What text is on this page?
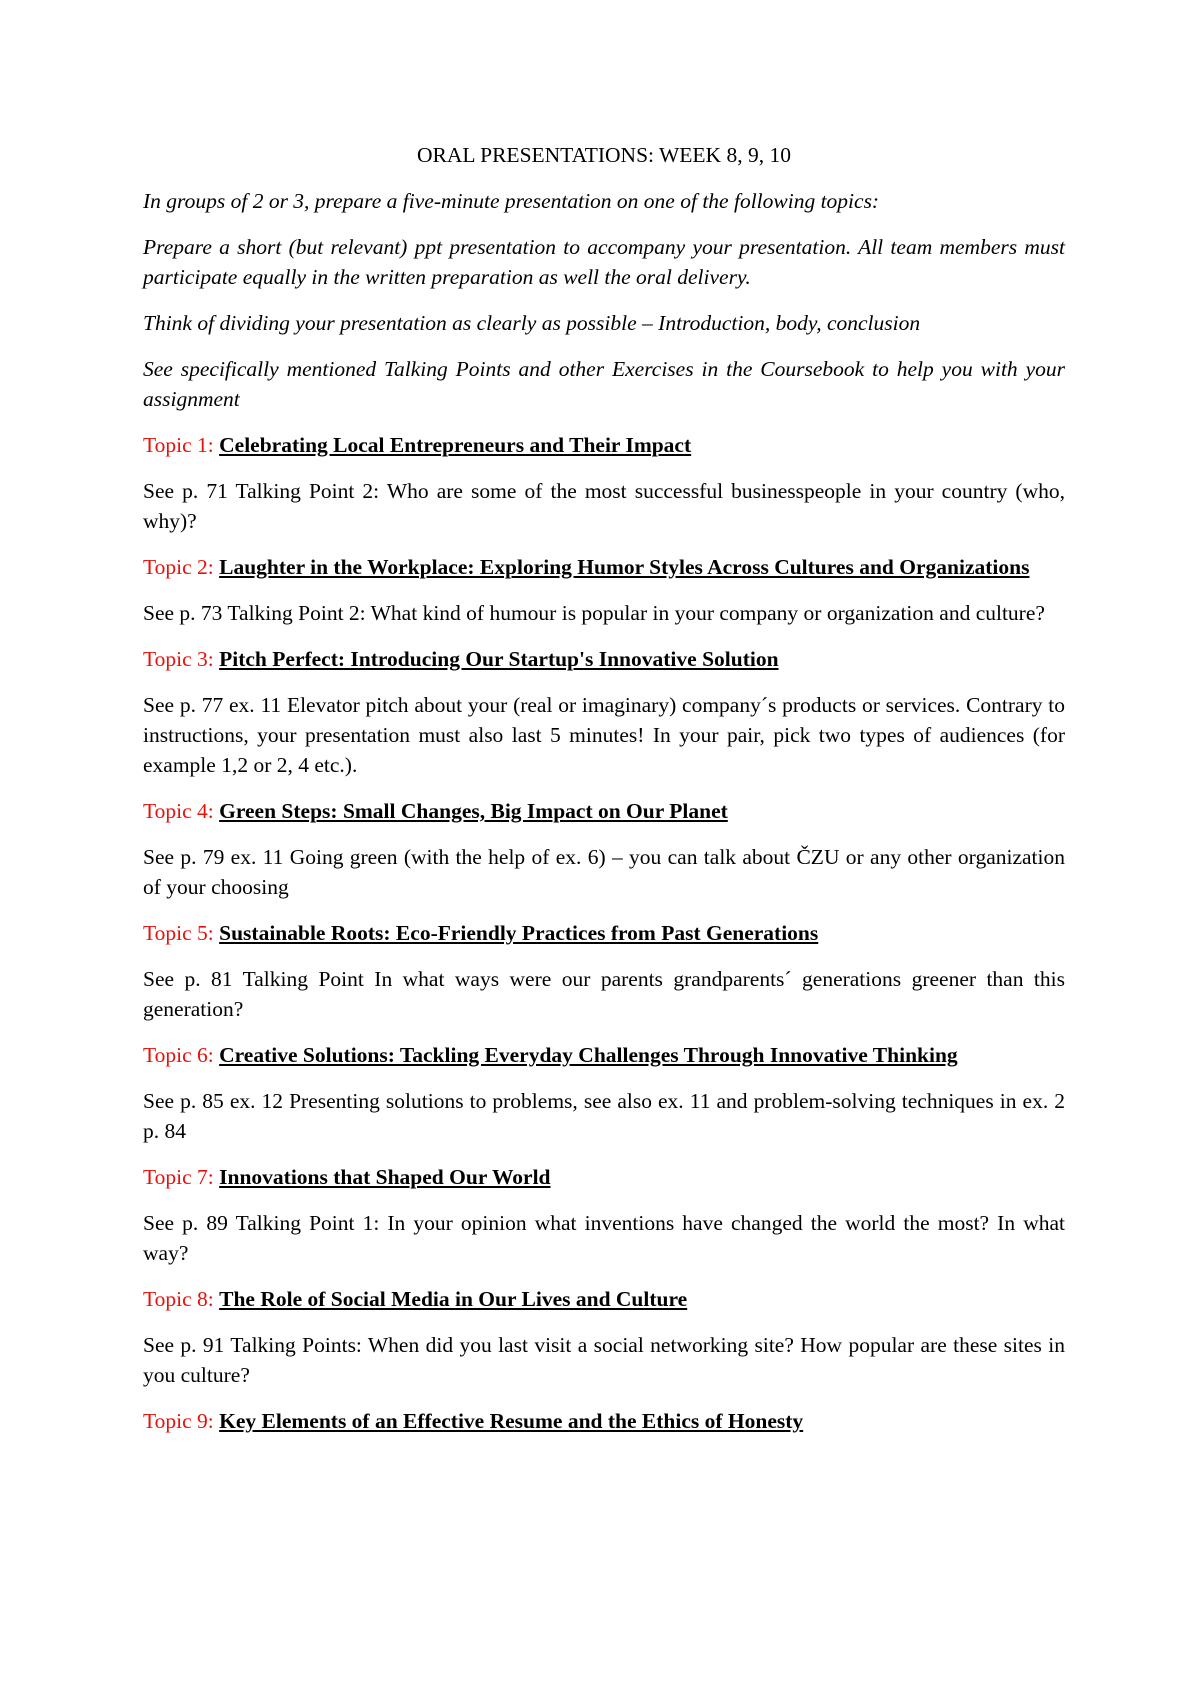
ORAL PRESENTATIONS: WEEK 8, 9, 10

In groups of 2 or 3, prepare a five-minute presentation on one of the following topics:

Prepare a short (but relevant) ppt presentation to accompany your presentation. All team members must participate equally in the written preparation as well the oral delivery.

Think of dividing your presentation as clearly as possible – Introduction, body, conclusion

See specifically mentioned Talking Points and other Exercises in the Coursebook to help you with your assignment

Topic 1: Celebrating Local Entrepreneurs and Their Impact

See p. 71 Talking Point 2: Who are some of the most successful businesspeople in your country (who, why)?

Topic 2: Laughter in the Workplace: Exploring Humor Styles Across Cultures and Organizations

See p. 73 Talking Point 2: What kind of humour is popular in your company or organization and culture?

Topic 3: Pitch Perfect: Introducing Our Startup's Innovative Solution

See p. 77 ex. 11 Elevator pitch about your (real or imaginary) company´s products or services. Contrary to instructions, your presentation must also last 5 minutes! In your pair, pick two types of audiences (for example 1,2 or 2, 4 etc.).

Topic 4: Green Steps: Small Changes, Big Impact on Our Planet

See p. 79 ex. 11 Going green (with the help of ex. 6) – you can talk about ČZU or any other organization of your choosing

Topic 5: Sustainable Roots: Eco-Friendly Practices from Past Generations

See p. 81 Talking Point In what ways were our parents grandparents´ generations greener than this generation?

Topic 6: Creative Solutions: Tackling Everyday Challenges Through Innovative Thinking

See p. 85 ex. 12 Presenting solutions to problems, see also ex. 11 and problem-solving techniques in ex. 2 p. 84

Topic 7: Innovations that Shaped Our World

See p. 89 Talking Point 1: In your opinion what inventions have changed the world the most? In what way?

Topic 8: The Role of Social Media in Our Lives and Culture

See p. 91 Talking Points: When did you last visit a social networking site? How popular are these sites in you culture?

Topic 9: Key Elements of an Effective Resume and the Ethics of Honesty
